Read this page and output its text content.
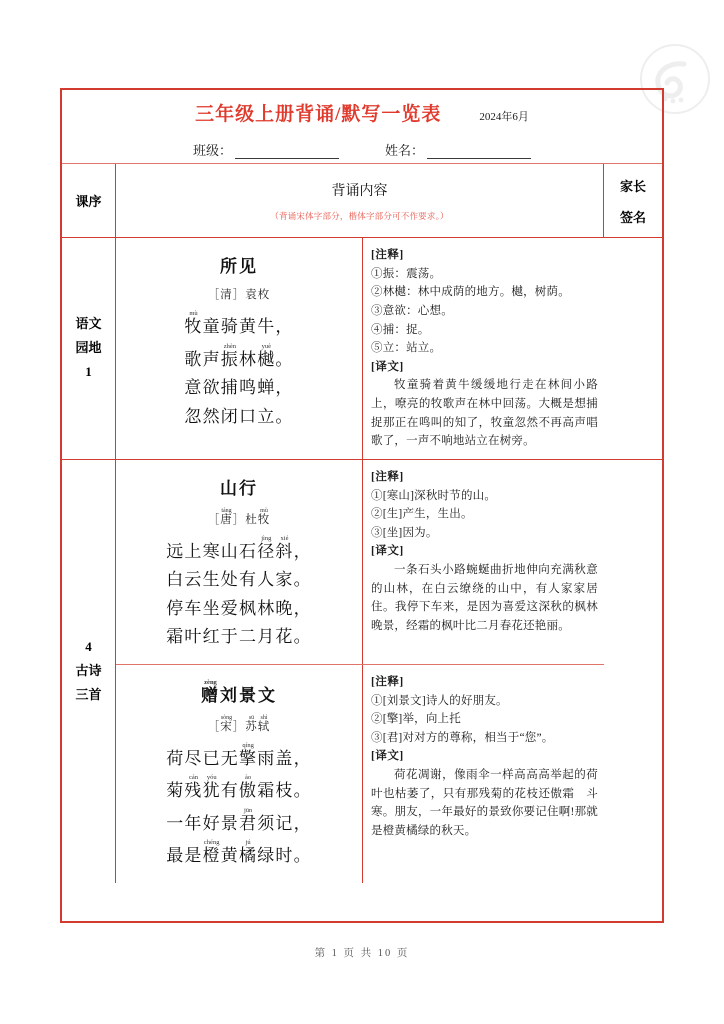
三年级上册背诵/默写一览表	2024年6月
班级：	姓名：
课序
背诵内容
（背诵宋体字部分，楷体字部分可不作要求。）
家长
签名
语文
园地
1
所见
［清］袁枚
牧mù童骑黄牛，
歌声振zhèn林樾yuè。
意欲捕鸣蝉，
忽然闭口立。
[注释]
①振：震荡。
②林樾：林中成荫的地方。樾，树荫。
③意欲：心想。
④捕：捉。
⑤立：站立。
[译文]
牧童骑着黄牛缓缓地行走在林间小路上，嘹亮的牧歌声在林中回荡。大概是想捕捉那正在鸣叫的知了，牧童忽然不再高声唱歌了，一声不响地站立在树旁。
4
古诗
三首
山行
［唐táng］杜牧mù
远上寒山石径jìng斜xié，
白云生处有人家。
停车坐爱枫林晚，
霜叶红于二月花。
[注释]
①[寒山]深秋时节的山。
②[生]产生，生出。
③[坐]因为。
[译文]
一条石头小路蜿蜒曲折地伸向充满秋意的山林，在白云缭绕的山中，有人家家居住。我停下车来，是因为喜爱这深秋的枫林晚景，经霜的枫叶比二月春花还艳丽。
赠zèng刘景文
［宋sòng］苏sū轼shì
荷尽已无擎qíng雨盖，
菊残cán犹yóu有傲ào霜枝。
一年好景君jūn须记，
最是橙chéng黄橘jú绿时。
[注释]
①[刘景文]诗人的好朋友。
②[擎]举，向上托
③[君]对对方的尊称，相当于“您”。
[译文]
荷花凋谢，像雨伞一样高高高举起的荷叶也枯萎了，只有那残菊的花枝还傲霜　斗寒。朋友，一年最好的景致你要记住啊!那就是橙黄橘绿的秋天。
第 1 页 共 10 页
